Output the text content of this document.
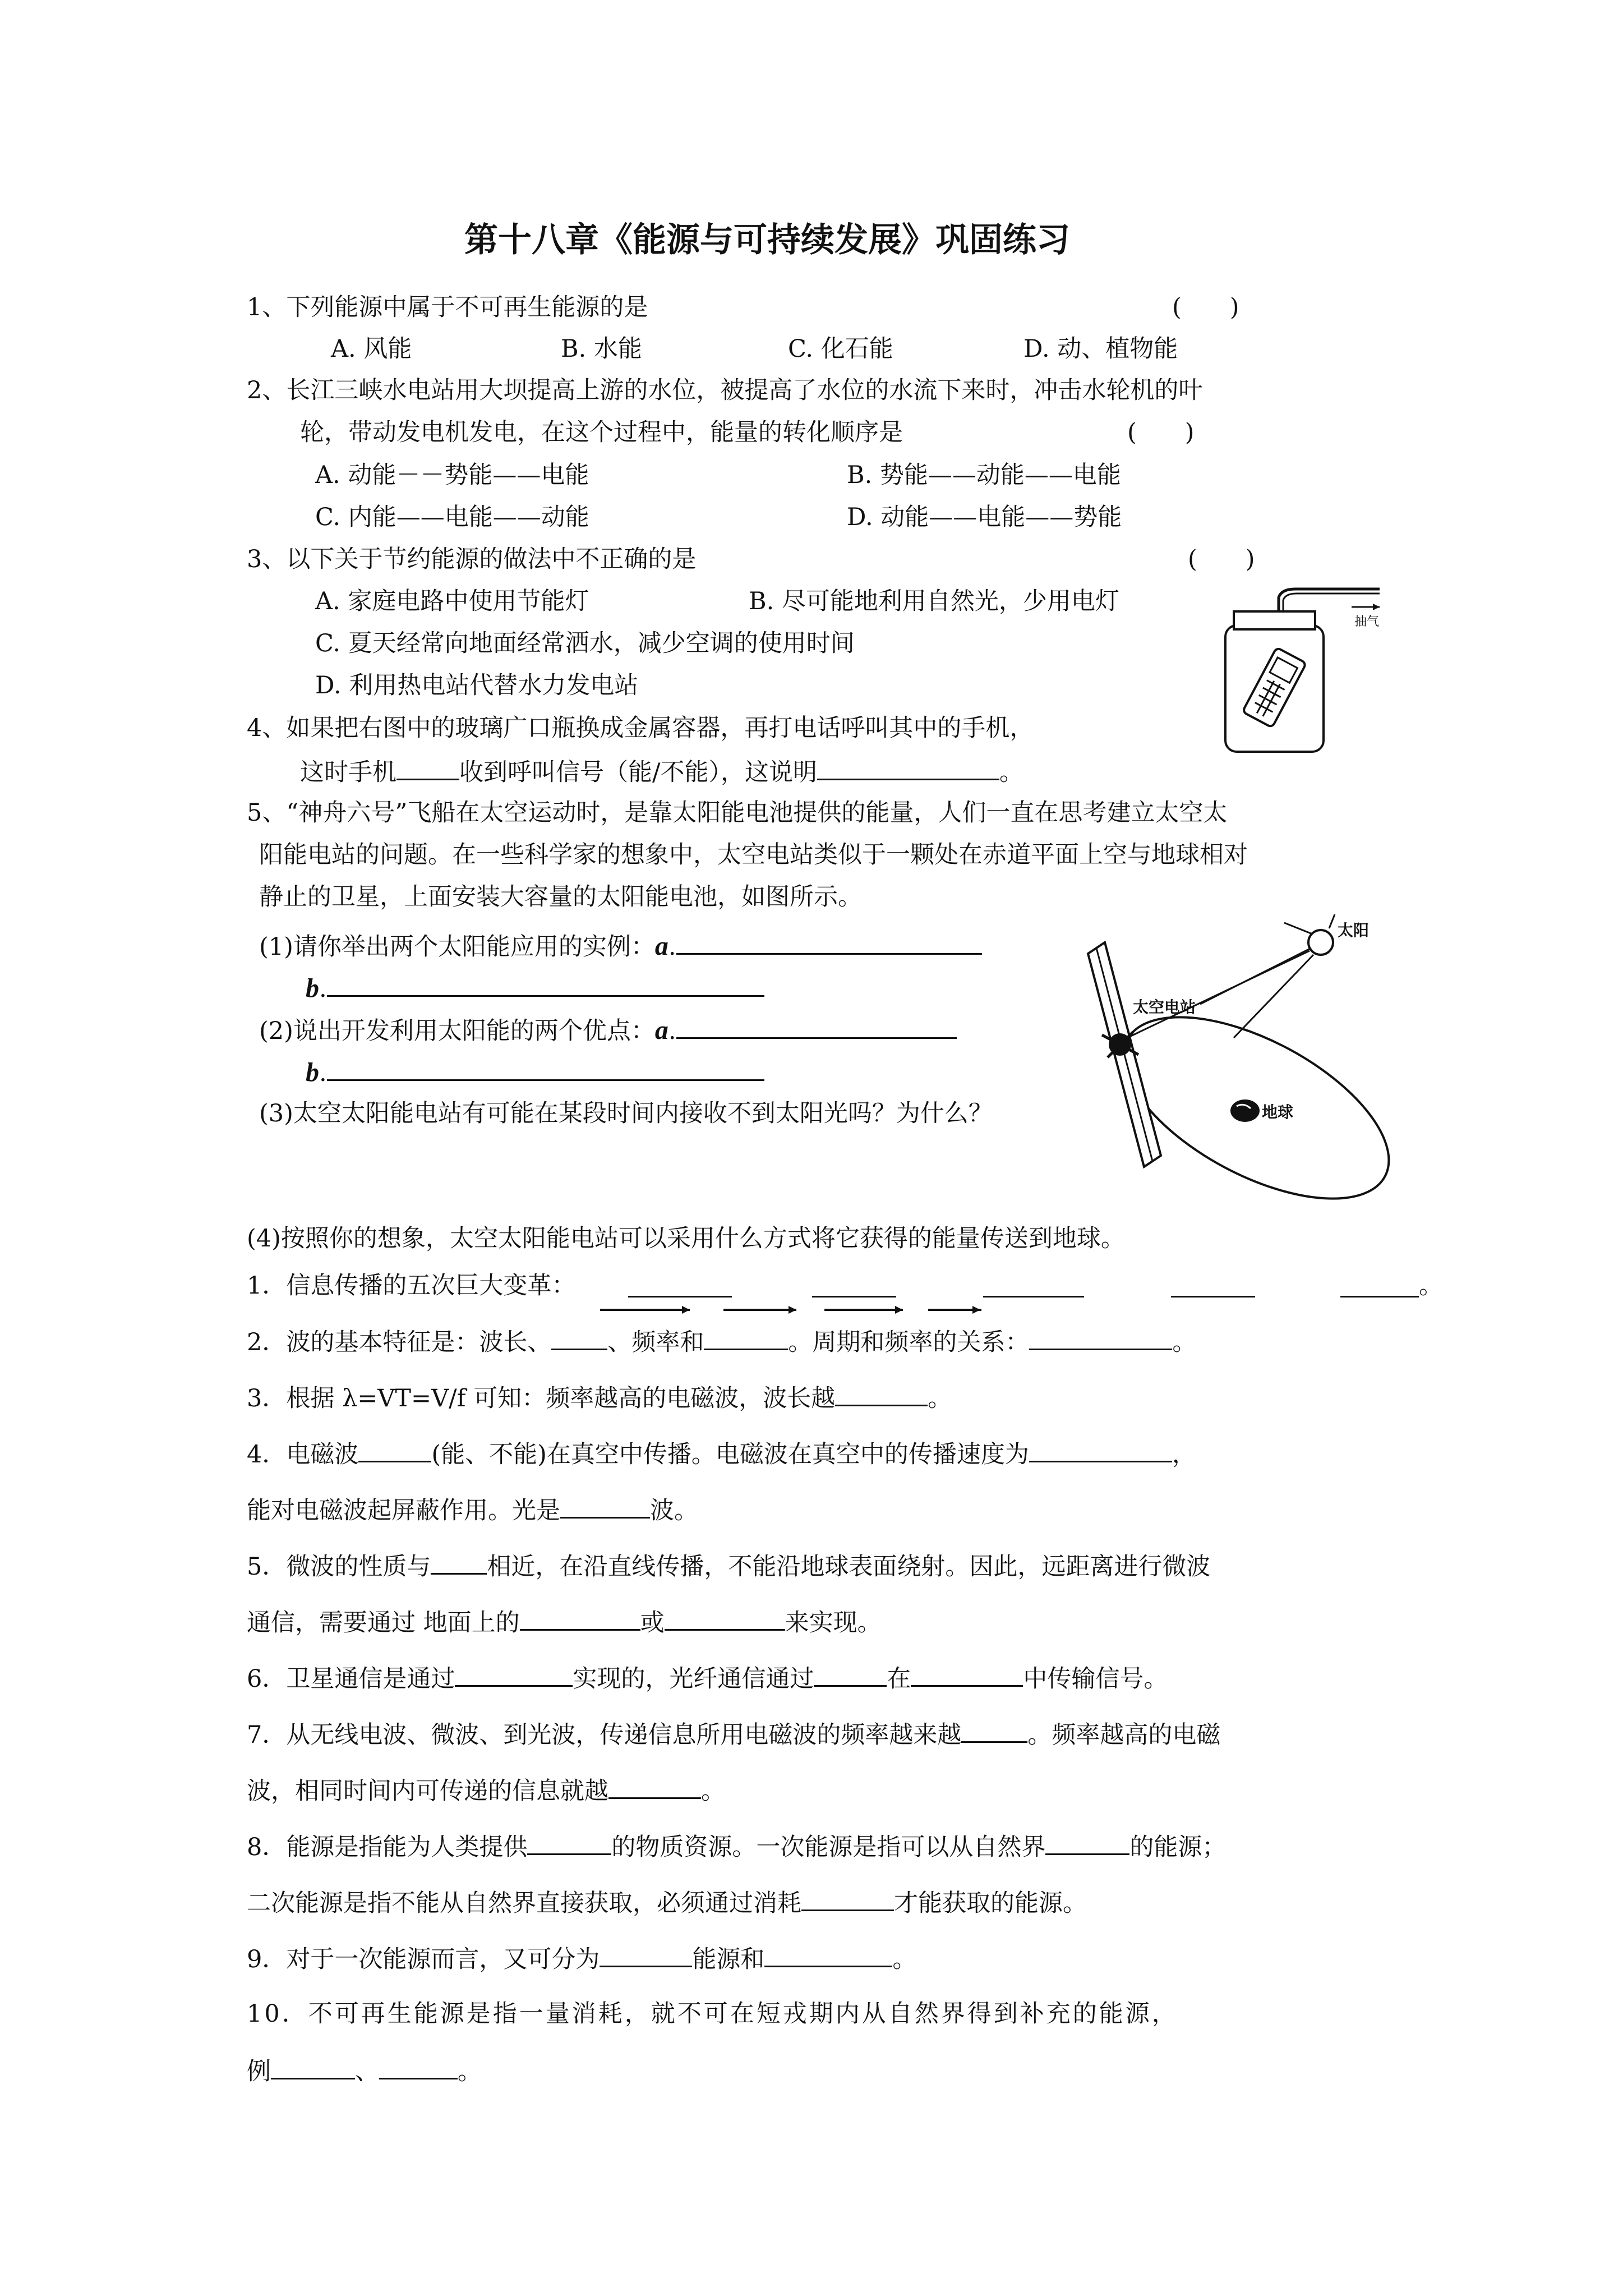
第十八章《能源与可持续发展》巩固练习
1、下列能源中属于不可再生能源的是	(　　)
A. 风能	B. 水能	C. 化石能	D. 动、植物能
2、长江三峡水电站用大坝提高上游的水位，被提高了水位的水流下来时，冲击水轮机的叶
轮，带动发电机发电，在这个过程中，能量的转化顺序是	(　　)
A. 动能－－势能——电能	B. 势能——动能——电能
C. 内能——电能——动能	D. 动能——电能——势能
3、以下关于节约能源的做法中不正确的是	(　　)
A. 家庭电路中使用节能灯	B. 尽可能地利用自然光，少用电灯
C. 夏天经常向地面经常洒水，减少空调的使用时间
D. 利用热电站代替水力发电站
抽气
4、如果把右图中的玻璃广口瓶换成金属容器，再打电话呼叫其中的手机，
这时手机	收到呼叫信号（能/不能），这说明	。
5、“神舟六号”飞船在太空运动时，是靠太阳能电池提供的能量，人们一直在思考建立太空太
阳能电站的问题。在一些科学家的想象中，太空电站类似于一颗处在赤道平面上空与地球相对
静止的卫星，上面安装大容量的太阳能电池，如图所示。
(1)请你举出两个太阳能应用的实例：a.
b.
(2)说出开发利用太阳能的两个优点：a.
b.
(3)太空太阳能电站有可能在某段时间内接收不到太阳光吗？为什么？
太阳
太空电站
地球
(4)按照你的想象，太空太阳能电站可以采用什么方式将它获得的能量传送到地球。
1．信息传播的五次巨大变革：	。
2．波的基本特征是：波长、 、频率和	。周期和频率的关系：	。
3．根据 λ=VT=V/f 可知：频率越高的电磁波，波长越	。
4．电磁波	(能、不能)在真空中传播。电磁波在真空中的传播速度为	，
能对电磁波起屏蔽作用。光是	波。
5．微波的性质与 相近，在沿直线传播，不能沿地球表面绕射。因此，远距离进行微波
通信，需要通过 地面上的	或	来实现。
6．卫星通信是通过	实现的，光纤通信通过	在	中传输信号。
7．从无线电波、微波、到光波，传递信息所用电磁波的频率越来越	。频率越高的电磁
波，相同时间内可传递的信息就越	。
8．能源是指能为人类提供	的物质资源。一次能源是指可以从自然界	的能源；
二次能源是指不能从自然界直接获取，必须通过消耗	才能获取的能源。
9．对于一次能源而言，又可分为	能源和	。
10．不可再生能源是指一量消耗，就不可在短戎期内从自然界得到补充的能源，
例	、	。
